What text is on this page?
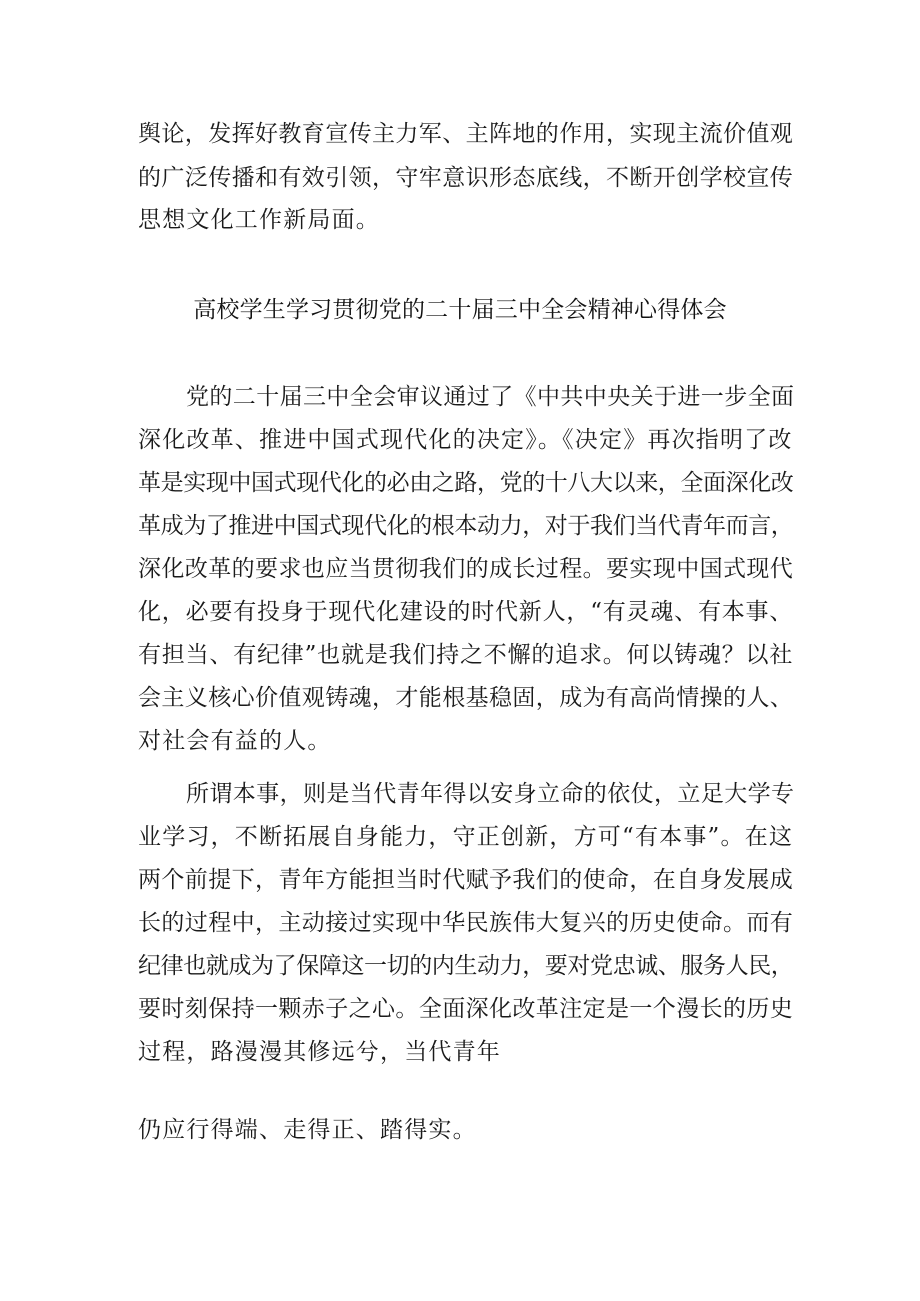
舆论，发挥好教育宣传主力军、主阵地的作用，实现主流价值观
的广泛传播和有效引领，守牢意识形态底线，不断开创学校宣传
思想文化工作新局面。
高校学生学习贯彻党的二十届三中全会精神心得体会
党的二十届三中全会审议通过了《中共中央关于进一步全面
深化改革、推进中国式现代化的决定》。《决定》再次指明了改
革是实现中国式现代化的必由之路，党的十八大以来，全面深化改
革成为了推进中国式现代化的根本动力，对于我们当代青年而言，
深化改革的要求也应当贯彻我们的成长过程。要实现中国式现代
化，必要有投身于现代化建设的时代新人，“有灵魂、有本事、
有担当、有纪律”也就是我们持之不懈的追求。何以铸魂？以社
会主义核心价值观铸魂，才能根基稳固，成为有高尚情操的人、
对社会有益的人。
所谓本事，则是当代青年得以安身立命的依仗，立足大学专
业学习，不断拓展自身能力，守正创新，方可“有本事”。在这
两个前提下，青年方能担当时代赋予我们的使命，在自身发展成
长的过程中，主动接过实现中华民族伟大复兴的历史使命。而有
纪律也就成为了保障这一切的内生动力，要对党忠诚、服务人民，
要时刻保持一颗赤子之心。全面深化改革注定是一个漫长的历史
过程，路漫漫其修远兮，当代青年
仍应行得端、走得正、踏得实。
